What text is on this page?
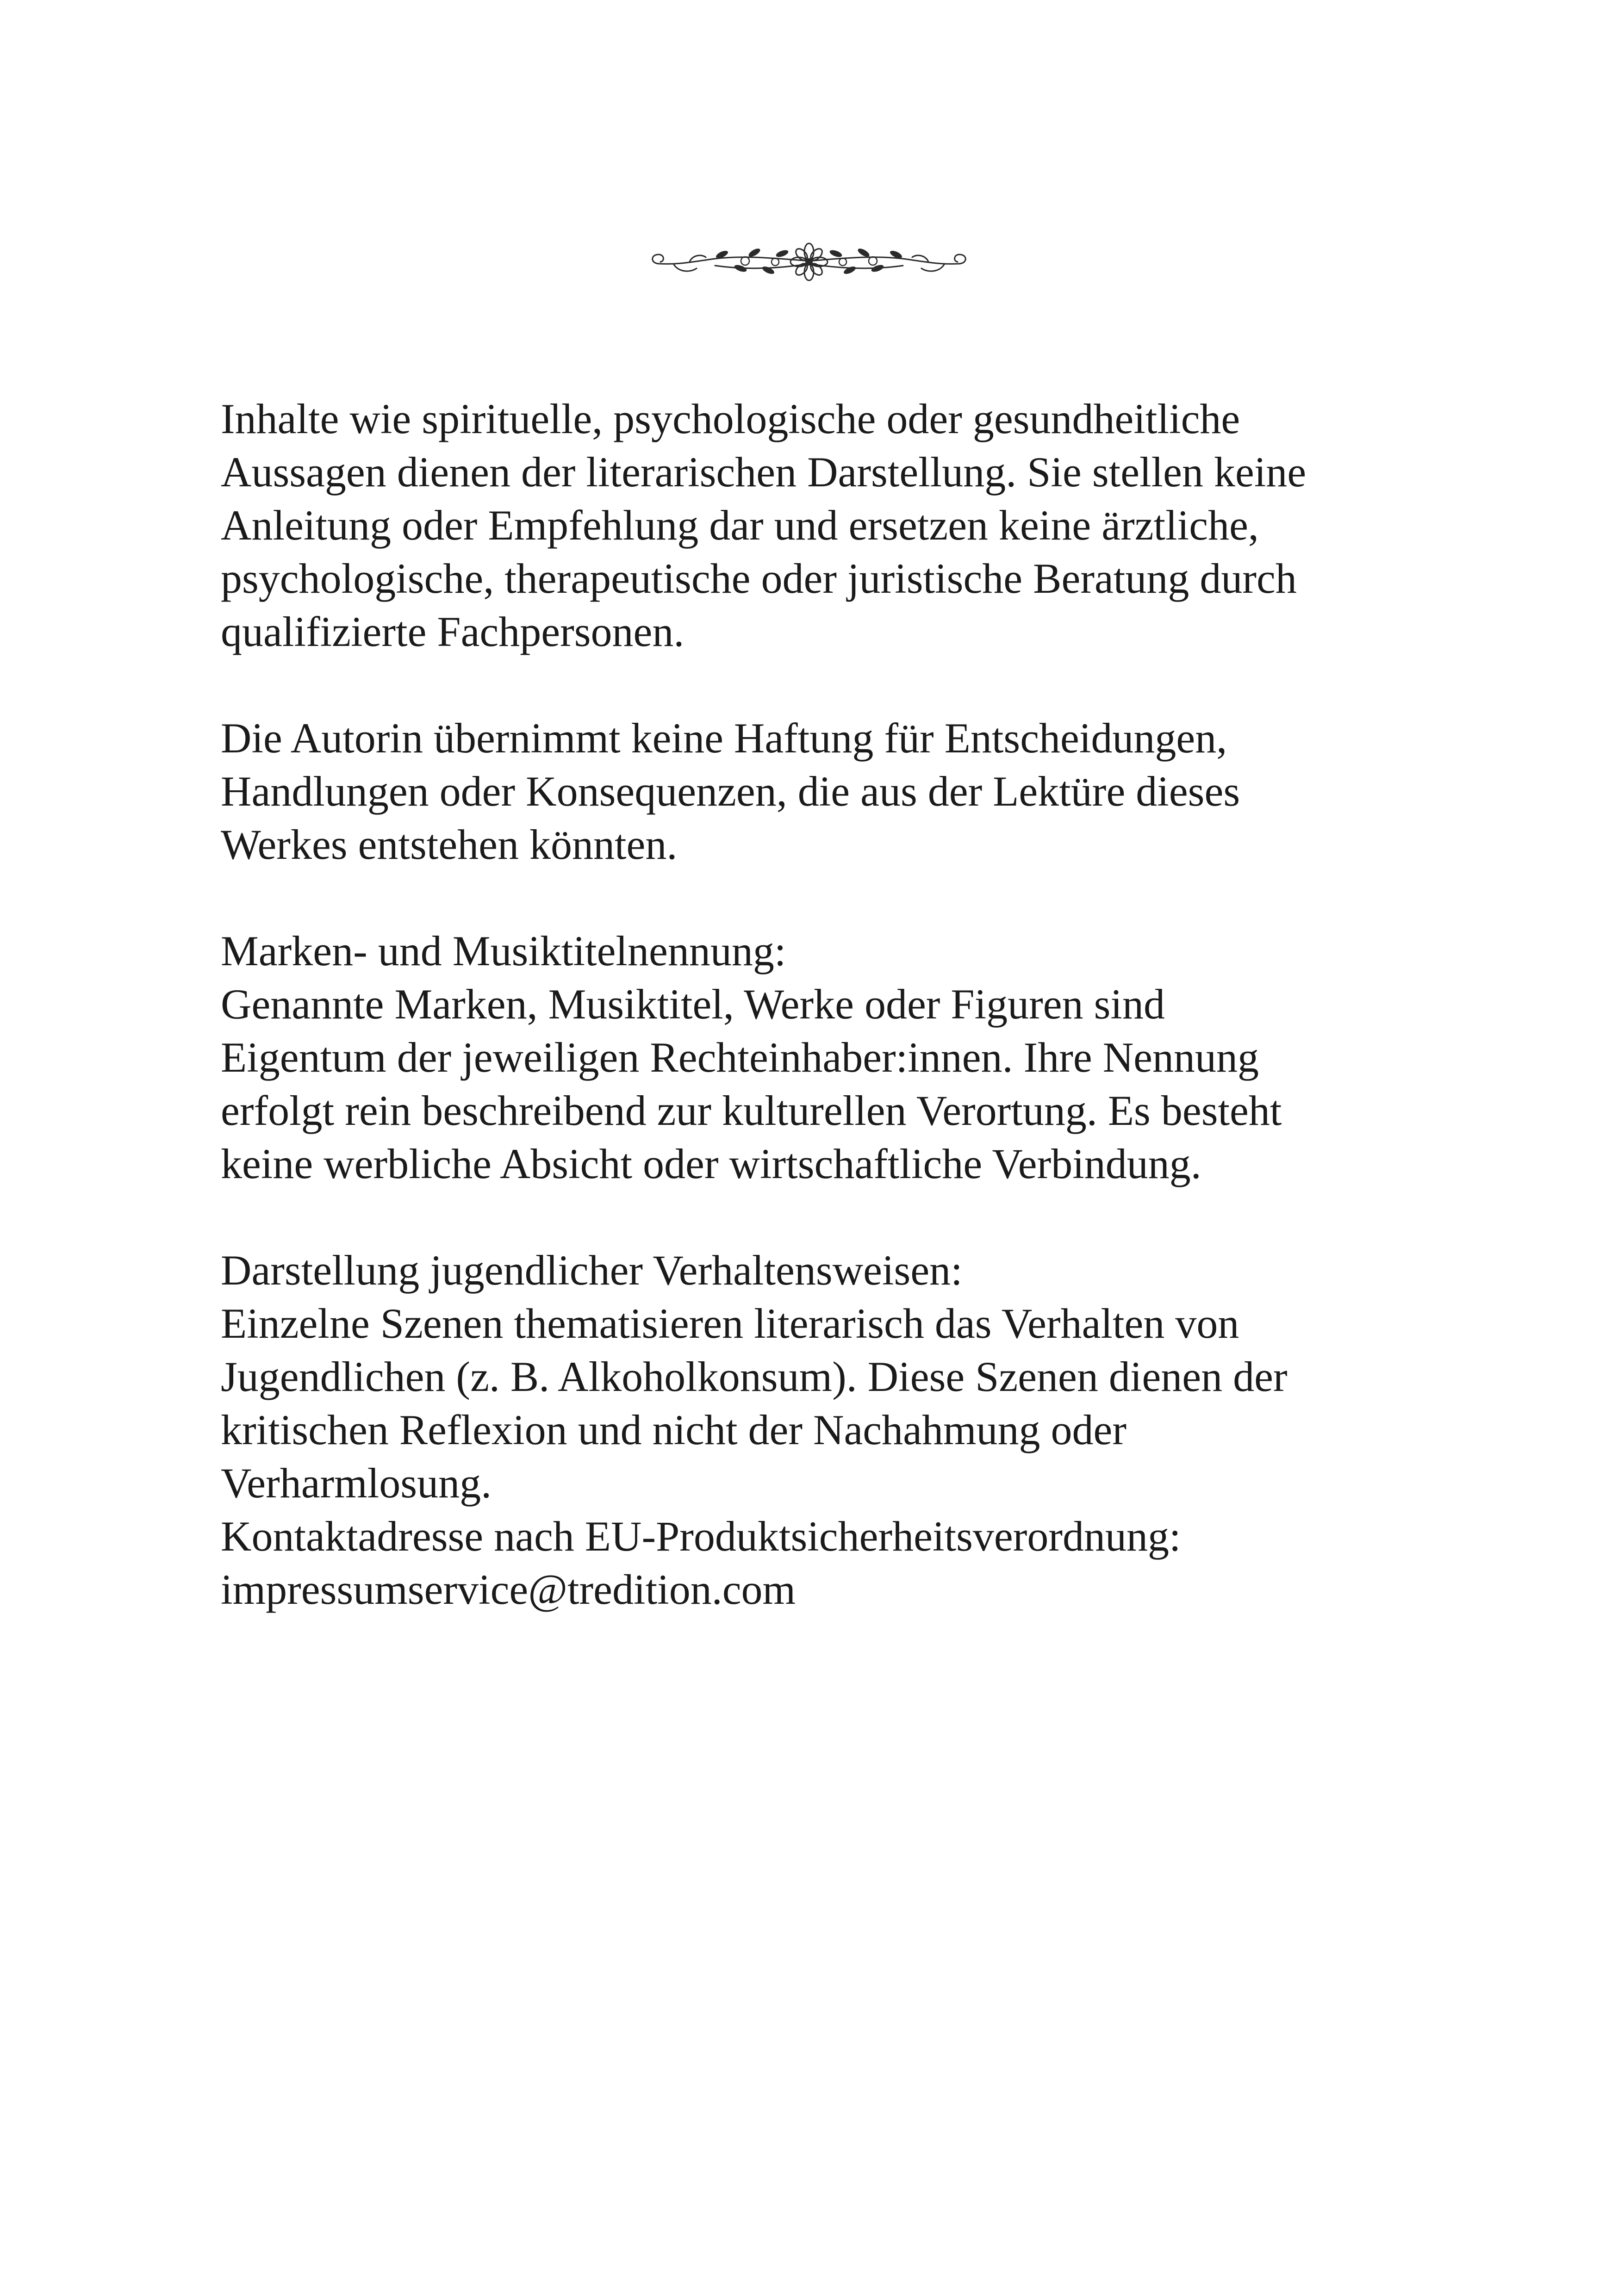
Inhalte wie spirituelle, psychologische oder gesundheitliche
Aussagen dienen der literarischen Darstellung. Sie stellen keine
Anleitung oder Empfehlung dar und ersetzen keine ärztliche,
psychologische, therapeutische oder juristische Beratung durch
qualifizierte Fachpersonen.

Die Autorin übernimmt keine Haftung für Entscheidungen,
Handlungen oder Konsequenzen, die aus der Lektüre dieses
Werkes entstehen könnten.

Marken- und Musiktitelnennung:
Genannte Marken, Musiktitel, Werke oder Figuren sind
Eigentum der jeweiligen Rechteinhaber:innen. Ihre Nennung
erfolgt rein beschreibend zur kulturellen Verortung. Es besteht
keine werbliche Absicht oder wirtschaftliche Verbindung.

Darstellung jugendlicher Verhaltensweisen:
Einzelne Szenen thematisieren literarisch das Verhalten von
Jugendlichen (z. B. Alkoholkonsum). Diese Szenen dienen der
kritischen Reflexion und nicht der Nachahmung oder
Verharmlosung.
Kontaktadresse nach EU-Produktsicherheitsverordnung:
impressumservice@tredition.com
